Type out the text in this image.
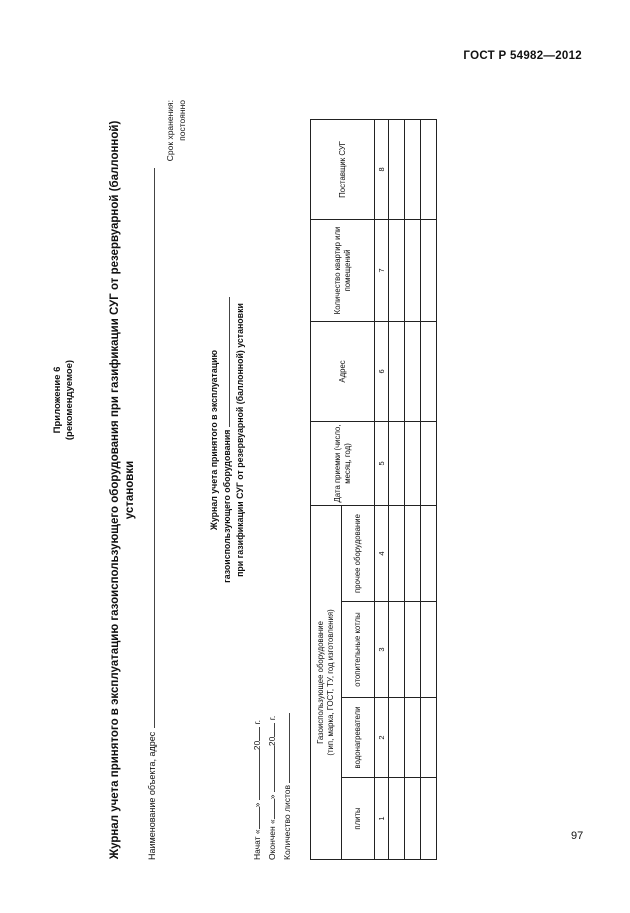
ГОСТ Р 54982—2012
Приложение 6 (рекомендуемое)	Журнал учета принятого в эксплуатацию газоиспользующего оборудования при газификации СУГ от резервуарной (баллонной) установки
Наименование объекта, адрес
Срок хранения: постоянно
Журнал учета принятого в эксплуатацию газоиспользующего оборудования при газификации СУГ от резервуарной (баллонной) установки
Начат «» 20 г.
Окончен «» 20 г.
Количество листов
Газоиспользующее оборудование (тип, марка, ГОСТ, ТУ, год изготовления)				Дата приемки (число, месяц, год)	Адрес	Количество квартир или помещений	Поставщик СУГ
плиты	водонагреватели	отопительные котлы	прочее оборудование				
1	2	3	4	5	6	7	8

97
